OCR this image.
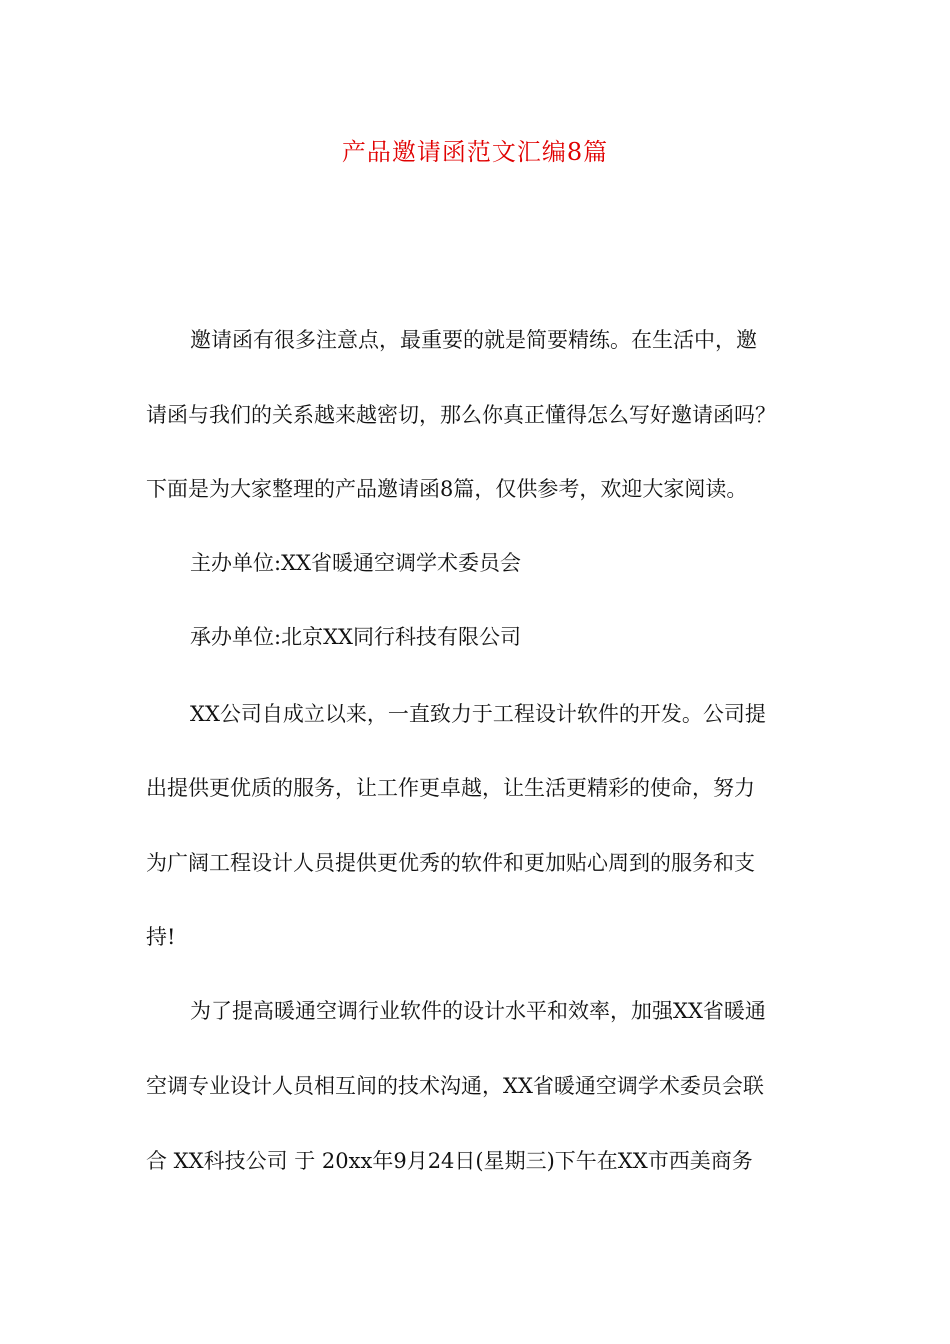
产品邀请函范文汇编8篇
邀请函有很多注意点，最重要的就是简要精练。在生活中，邀
请函与我们的关系越来越密切，那么你真正懂得怎么写好邀请函吗？
下面是为大家整理的产品邀请函8篇，仅供参考，欢迎大家阅读。
主办单位:XX省暖通空调学术委员会
承办单位:北京XX同行科技有限公司
XX公司自成立以来，一直致力于工程设计软件的开发。公司提
出提供更优质的服务，让工作更卓越，让生活更精彩的使命，努力
为广阔工程设计人员提供更优秀的软件和更加贴心周到的服务和支
持!
为了提高暖通空调行业软件的设计水平和效率，加强XX省暖通
空调专业设计人员相互间的技术沟通，XX省暖通空调学术委员会联
合 XX科技公司 于 20xx年9月24日(星期三)下午在XX市西美商务
